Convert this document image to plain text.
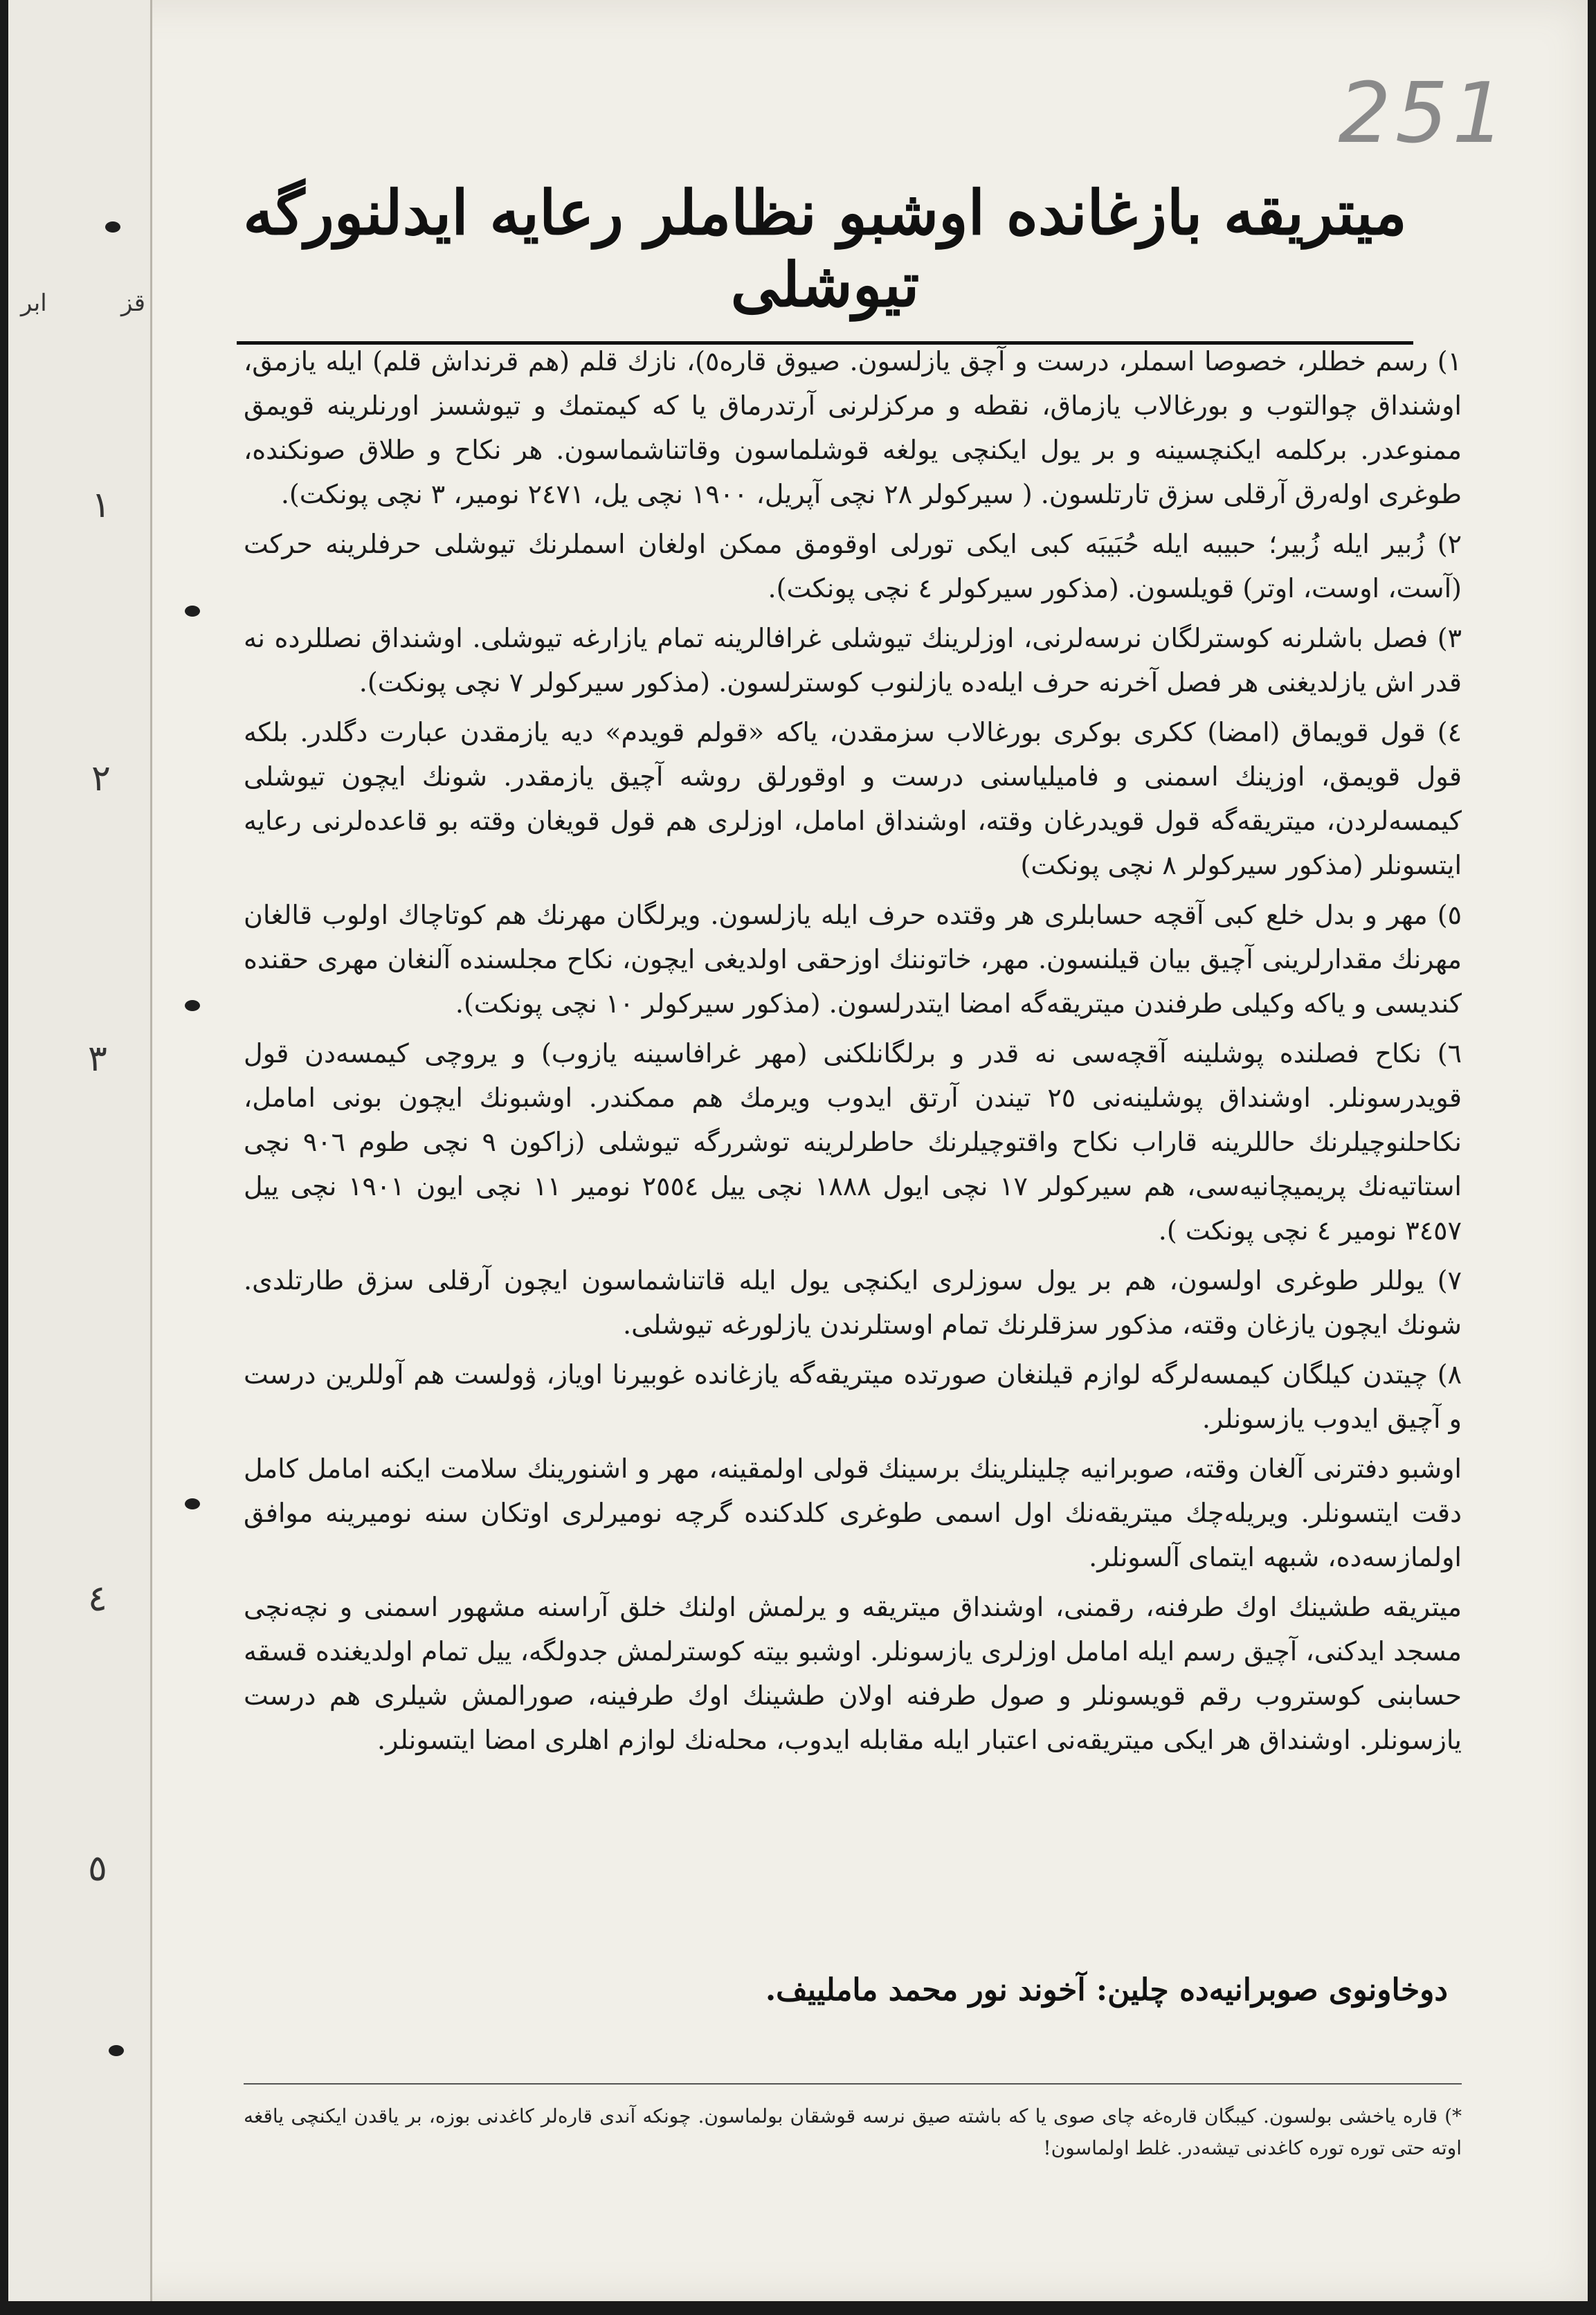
ابر	قز
١
٢
٣
٤
٥
251
میتریقه بازغانده اوشبو نظاملر رعایه ایدلنورگه تیوشلی

١) رسم خطلر، خصوصا اسملر، درست و آچق یازلسون. صیوق قاره٥)، نازك قلم (هم قرنداش قلم) ایله یازمق، اوشنداق چوالتوب و بورغالاب یازماق، نقطه و مرکزلرنی آرتدرماق یا که کیمتمك و تیوشسز اورنلرینه قویمق ممنوعدر. برکلمه ایکنچسینه و بر یول ایکنچی یولغه قوشلماسون وقاتناشماسون. هر نکاح و طلاق صونکنده، طوغری اولەرق آرقلی سزق تارتلسون. ( سیرکولر ٢٨ نچی آپریل، ١٩٠٠ نچی یل، ٢٤٧١ نومیر، ٣ نچی پونکت).

٢) زُبیر ایله زُبیر؛ حبیبه ایله حُبَیبَه کبی ایکی تورلی اوقومق ممکن اولغان اسملرنك تیوشلی حرفلرینه حرکت (آست، اوست، اوتر) قویلسون. (مذکور سیرکولر ٤ نچی پونکت).

٣) فصل باشلرنه کوسترلگان نرسەلرنی، اوزلرینك تیوشلی غرافالرینه تمام یازارغه تیوشلی. اوشنداق نصللرده نه قدر اش یازلدیغنی هر فصل آخرنه حرف ایلەده یازلنوب کوسترلسون. (مذکور سیرکولر ٧ نچی پونکت).

٤) قول قویماق (امضا) ککری بوکری بورغالاب سزمقدن، یاکه «قولم قویدم» دیه یازمقدن عبارت دگلدر. بلکه قول قویمق، اوزینك اسمنی و فامیلیاسنی درست و اوقورلق روشه آچیق یازمقدر. شونك ایچون تیوشلی کیمسەلردن، میتریقەگه قول قویدرغان وقته، اوشنداق امامل، اوزلری هم قول قویغان وقته بو قاعدەلرنی رعایه ایتسونلر (مذکور سیرکولر ٨ نچی پونکت)

٥) مهر و بدل خلع کبی آقچه حسابلری هر وقتده حرف ایله یازلسون. ویرلگان مهرنك هم کوتاچاك اولوب قالغان مهرنك مقدارلرینی آچیق بیان قیلنسون. مهر، خاتوننك اوزحقی اولدیغی ایچون، نکاح مجلسنده آلنغان مهری حقنده کندیسی و یاکه وکیلی طرفندن میتریقەگه امضا ایتدرلسون. (مذکور سیرکولر ١٠ نچی پونکت).

٦) نکاح فصلنده پوشلینه آقچەسی نه قدر و برلگانلکنی (مهر غرافاسینه یازوب) و یروچی کیمسەدن قول قویدرسونلر. اوشنداق پوشلینەنی ٢٥ تیندن آرتق ایدوب ویرمك هم ممکندر. اوشبونك ایچون بونی امامل، نکاحلنوچیلرنك حاللرینه قاراب نکاح واقتوچیلرنك حاطرلرینه توشررگه تیوشلی (زاکون ٩ نچی طوم ٩٠٦ نچی استاتیەنك پریمیچانیەسی، هم سیرکولر ١٧ نچی ایول ١٨٨٨ نچی ییل ٢٥٥٤ نومیر ١١ نچی ایون ١٩٠١ نچی ییل ٣٤٥٧ نومیر ٤ نچی پونکت ).

٧) یوللر طوغری اولسون، هم بر یول سوزلری ایکنچی یول ایله قاتناشماسون ایچون آرقلی سزق طارتلدی. شونك ایچون یازغان وقته، مذکور سزقلرنك تمام اوستلرندن یازلورغه تیوشلی.

٨) چیتدن کیلگان کیمسەلرگه لوازم قیلنغان صورتده میتریقەگه یازغانده غوبیرنا اویاز، ۋولست هم آوللرین درست و آچیق ایدوب یازسونلر.

اوشبو دفترنی آلغان وقته، صوبرانیه چلینلرینك برسینك قولی اولمقینه، مهر و اشنورینك سلامت ایکنه امامل کامل دقت ایتسونلر. ویریلەچك میتریقەنك اول اسمی طوغری کلدکنده گرچه نومیرلری اوتکان سنه نومیرینه موافق اولمازسەده، شبهه ایتمای آلسونلر.

میتریقه طشینك اوك طرفنه، رقمنی، اوشنداق میتریقه و یرلمش اولنك خلق آراسنه مشهور اسمنی و نچەنچی مسجد ایدکنی، آچیق رسم ایله امامل اوزلری یازسونلر. اوشبو بیته کوسترلمش جدولگه، ییل تمام اولدیغنده قسقه حسابنی کوستروب رقم قویسونلر و صول طرفنه اولان طشینك اوك طرفینه، صورالمش شیلری هم درست یازسونلر. اوشنداق هر ایکی میتریقەنی اعتبار ایله مقابله ایدوب، محلەنك لوازم اهلری امضا ایتسونلر.

دوخاونوی صوبرانیەده چلین: آخوند نور محمد ماملییف.
*) قاره یاخشی بولسون. کیبگان قارەغه چای صوی یا که باشته صیق نرسه قوشقان بولماسون. چونکه آندی قارەلر کاغدنی بوزه، بر یاقدن ایکنچی یاقغه اوته حتی توره توره کاغدنی تیشەدر. غلط اولماسون!
